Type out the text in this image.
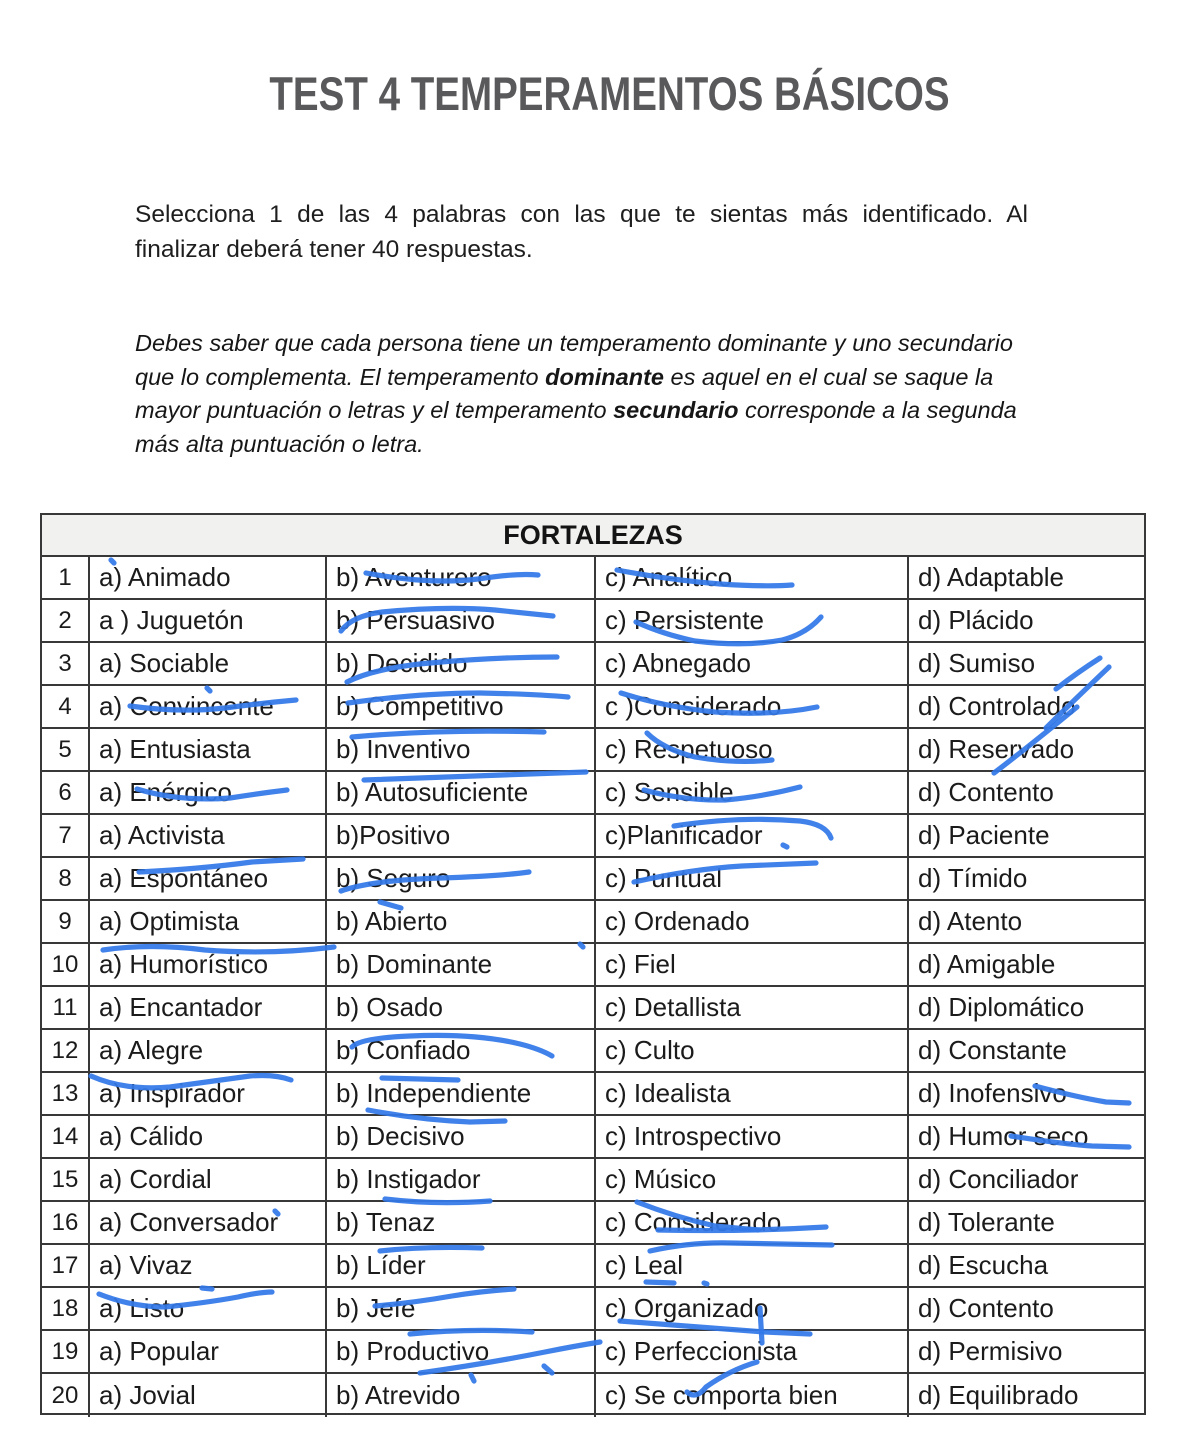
TEST 4 TEMPERAMENTOS BÁSICOS
Selecciona 1 de las 4 palabras con las que te sientas más identificado. Al
finalizar deberá tener 40 respuestas.
Debes saber que cada persona tiene un temperamento dominante y uno secundario
que lo complementa. El temperamento dominante es aquel en el cual se saque la
mayor puntuación o letras y el temperamento secundario corresponde a la segunda
más alta puntuación o letra.
FORTALEZAS
1	a) Animado	b) Aventurero	c) Analítico	d) Adaptable
2	a ) Juguetón	b) Persuasivo	c) Persistente	d) Plácido
3	a) Sociable	b) Decidido	c) Abnegado	d) Sumiso
4	a) Convincente	b) Competitivo	c )Considerado	d) Controlado
5	a) Entusiasta	b) Inventivo	c) Respetuoso	d) Reservado
6	a) Enérgico	b) Autosuficiente	c) Sensible	d) Contento
7	a) Activista	b)Positivo	c)Planificador	d) Paciente
8	a) Espontáneo	b) Seguro	c) Puntual	d) Tímido
9	a) Optimista	b) Abierto	c) Ordenado	d) Atento
10 a) Humorístico	b) Dominante	c) Fiel	d) Amigable
11 a) Encantador	b) Osado	c) Detallista	d) Diplomático
12 a) Alegre	b) Confiado	c) Culto	d) Constante
13 a) Inspirador	b) Independiente	c) Idealista	d) Inofensivo
14 a) Cálido	b) Decisivo	c) Introspectivo	d) Humor seco
15 a) Cordial	b) Instigador	c) Músico	d) Conciliador
16 a) Conversador	b) Tenaz	c) Considerado	d) Tolerante
17 a) Vivaz	b) Líder	c) Leal	d) Escucha
18 a) Listo	b) Jefe	c) Organizado	d) Contento
19 a) Popular	b) Productivo	c) Perfeccionista	d) Permisivo
20 a) Jovial	b) Atrevido	c) Se comporta bien	d) Equilibrado
